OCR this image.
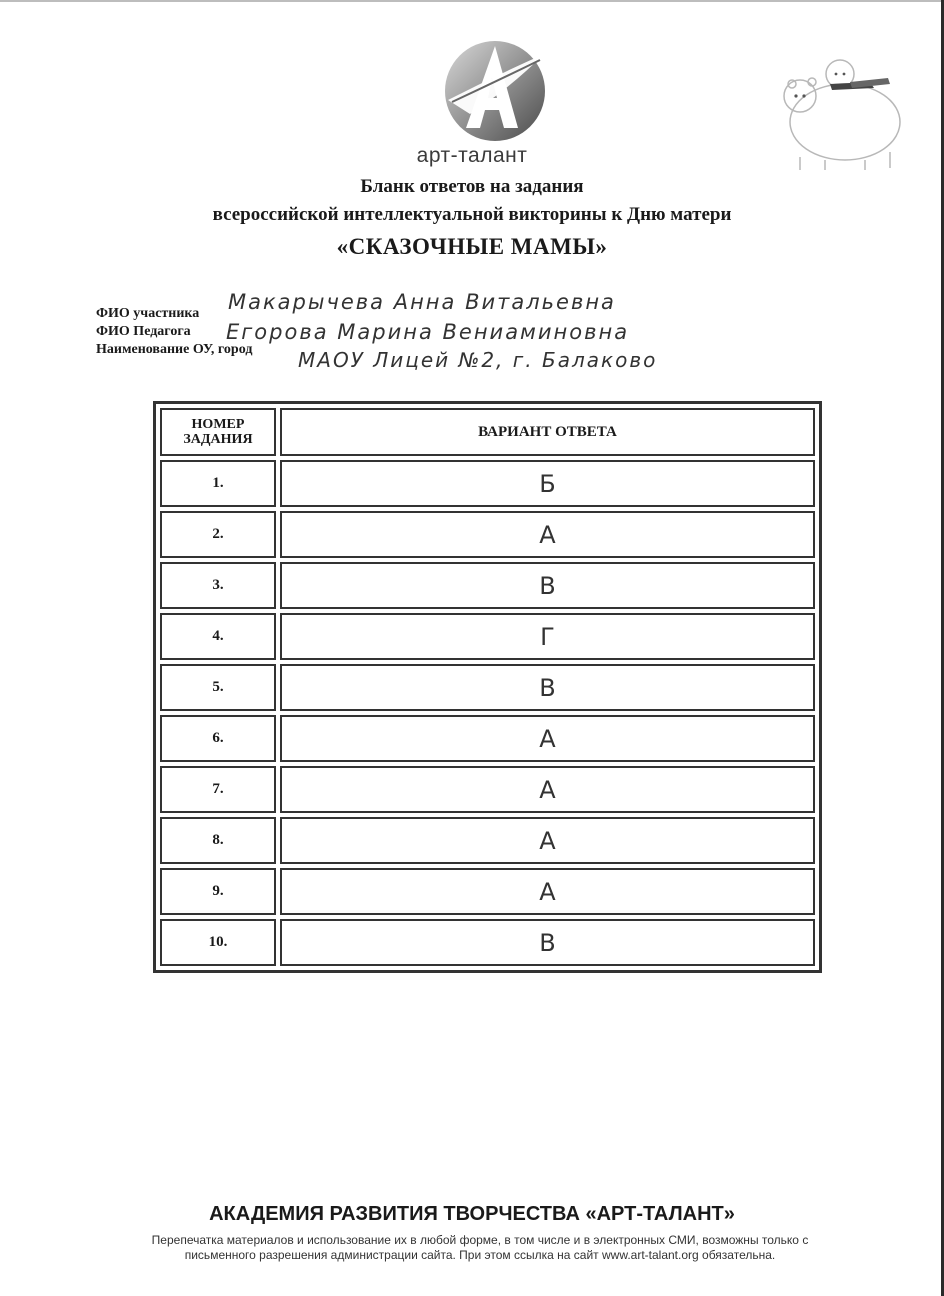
арт-талант
Бланк ответов на задания
всероссийской интеллектуальной викторины к Дню матери
«СКАЗОЧНЫЕ МАМЫ»
ФИО участника Макарычева Анна Витальевна
ФИО Педагога Егорова Марина Вениаминовна
Наименование ОУ, город МАОУ Лицей №2, г. Балаково
НОМЕР ЗАДАНИЯ	ВАРИАНТ ОТВЕТА
1.	Б
2.	А
3.	В
4.	Г
5.	В
6.	А
7.	А
8.	А
9.	А
10.	В
АКАДЕМИЯ РАЗВИТИЯ ТВОРЧЕСТВА «АРТ-ТАЛАНТ»
Перепечатка материалов и использование их в любой форме, в том числе и в электронных СМИ, возможны только с
письменного разрешения администрации сайта. При этом ссылка на сайт www.art-talant.org обязательна.
